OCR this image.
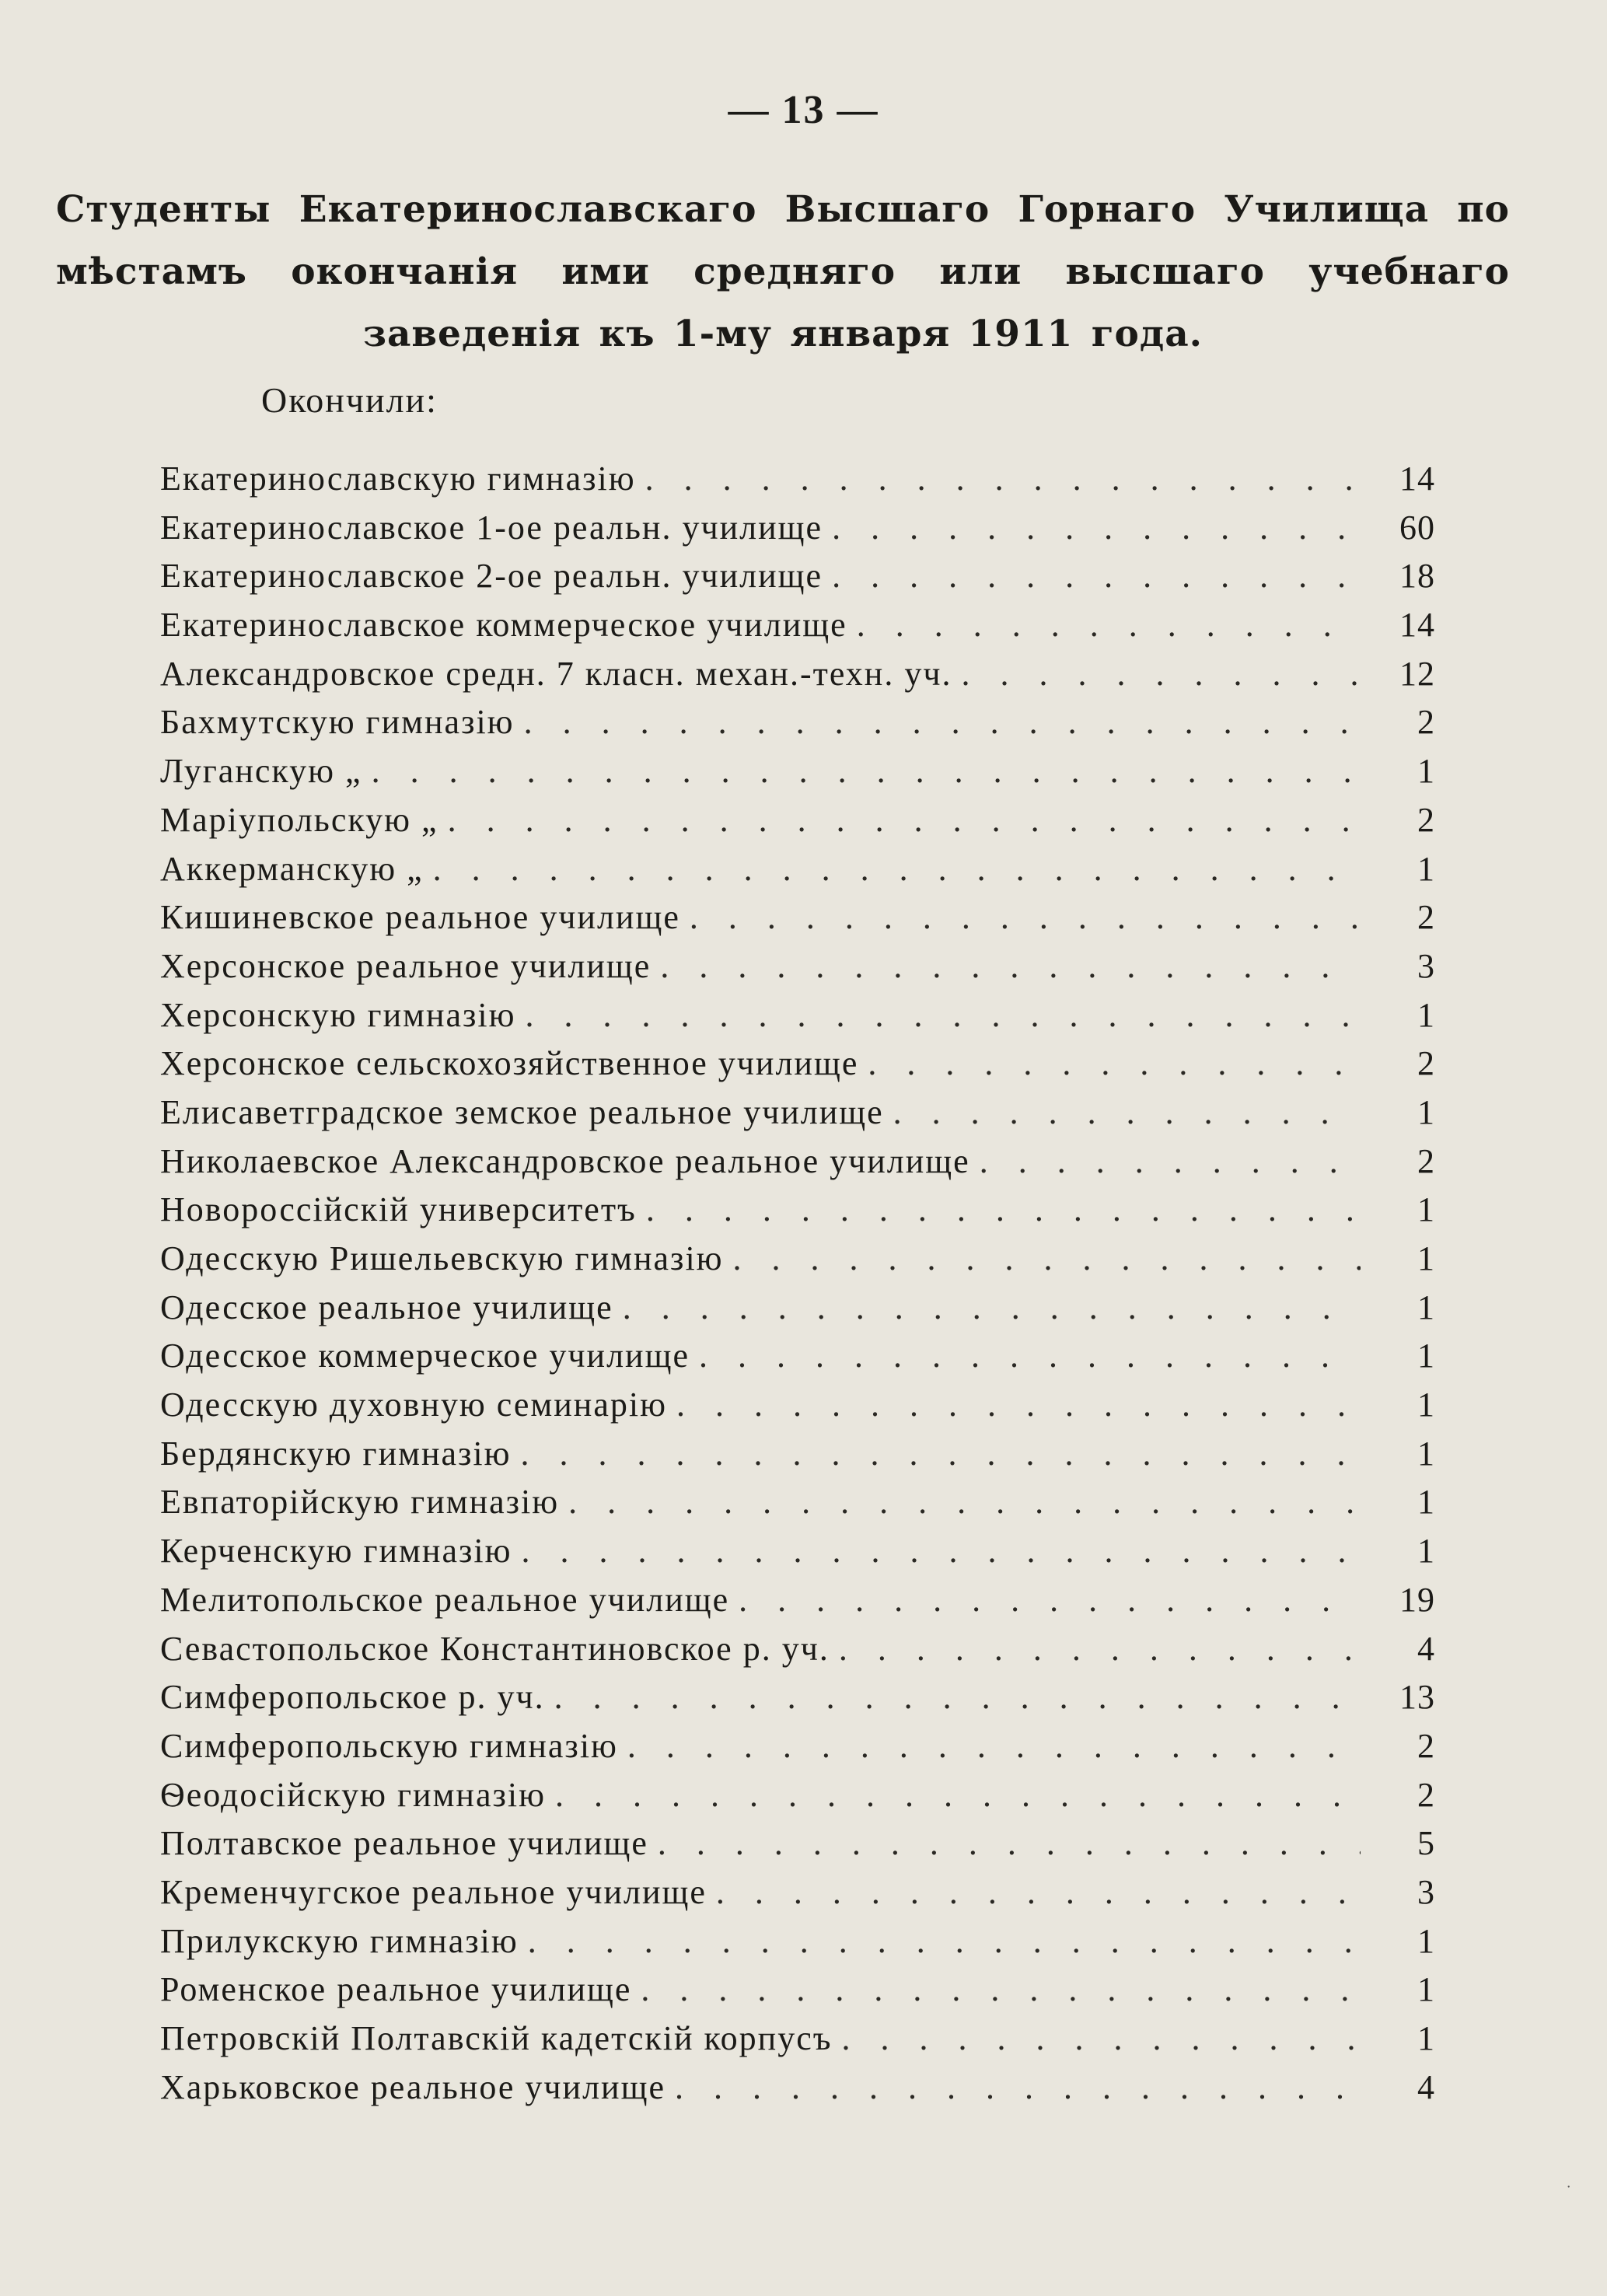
— 13 —
Студенты Екатеринославскаго Высшаго Горнаго Училища по мѣстамъ окончанія ими средняго или высшаго учебнаго заведенія къ 1-му января 1911 года.
Окончили:
Екатеринославскую гимназію . . .	14
Екатеринославское 1-ое реальн. училище . . .	60
Екатеринославское 2-ое реальн. училище . . .	18
Екатеринославское коммерческое училище . . .	14
Александровское средн. 7 класн. механ.-техн. уч. . . .	12
Бахмутскую гимназію . . .	2
Луганскую „ . . .	1
Маріупольскую „ . . .	2
Аккерманскую „ . . .	1
Кишиневское реальное училище . . .	2
Херсонское реальное училище . . .	3
Херсонскую гимназію . . .	1
Херсонское сельскохозяйственное училище . . .	2
Елисаветградское земское реальное училище . . .	1
Николаевское Александровское реальное училище . . .	2
Новороссійскій университетъ . . .	1
Одесскую Ришельевскую гимназію . . .	1
Одесское реальное училище . . .	1
Одесское коммерческое училище . . .	1
Одесскую духовную семинарію . . .	1
Бердянскую гимназію . . .	1
Евпаторійскую гимназію . . .	1
Керченскую гимназію . . .	1
Мелитопольское реальное училище . . .	19
Севастопольское Константиновское р. уч. . . .	4
Симферопольское р. уч. . . .	13
Симферопольскую гимназію . . .	2
Ѳеодосійскую гимназію . . .	2
Полтавское реальное училище . . .	5
Кременчугское реальное училище . . .	3
Прилукскую гимназію . . .	1
Роменское реальное училище . . .	1
Петровскій Полтавскій кадетскій корпусъ . . .	1
Харьковское реальное училище . . .	4
·
